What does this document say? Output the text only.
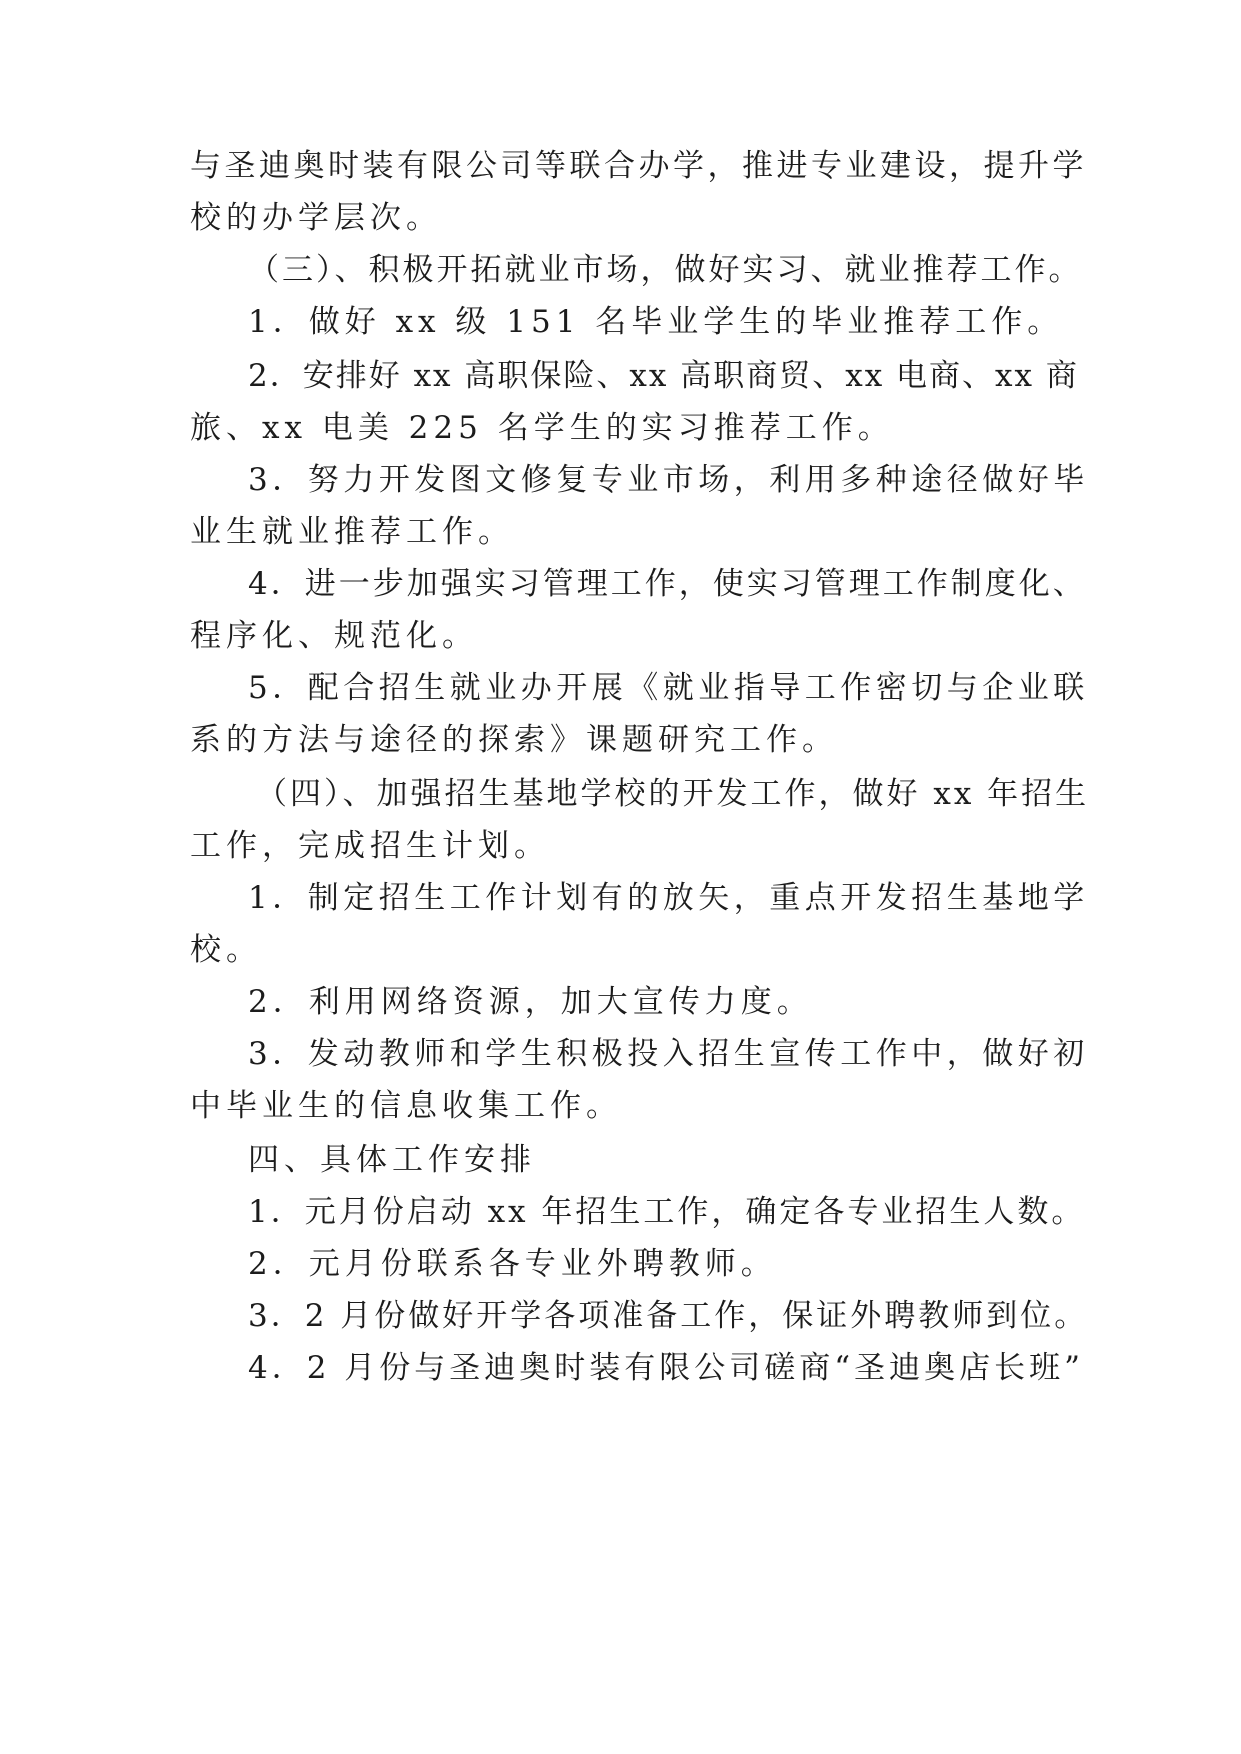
与圣迪奥时装有限公司等联合办学，推进专业建设，提升学
校的办学层次。
（三）、积极开拓就业市场，做好实习、就业推荐工作。
1．做好 xx 级 151 名毕业学生的毕业推荐工作。
2．安排好 xx 高职保险、xx 高职商贸、xx 电商、xx 商
旅、xx 电美 225 名学生的实习推荐工作。
3．努力开发图文修复专业市场，利用多种途径做好毕
业生就业推荐工作。
4．进一步加强实习管理工作，使实习管理工作制度化、
程序化、规范化。
5．配合招生就业办开展《就业指导工作密切与企业联
系的方法与途径的探索》课题研究工作。
（四）、加强招生基地学校的开发工作，做好 xx 年招生
工作，完成招生计划。
1．制定招生工作计划有的放矢，重点开发招生基地学
校。
2．利用网络资源，加大宣传力度。
3．发动教师和学生积极投入招生宣传工作中，做好初
中毕业生的信息收集工作。
四、具体工作安排
1．元月份启动 xx 年招生工作，确定各专业招生人数。
2．元月份联系各专业外聘教师。
3．2 月份做好开学各项准备工作，保证外聘教师到位。
4．2 月份与圣迪奥时装有限公司磋商“圣迪奥店长班”
